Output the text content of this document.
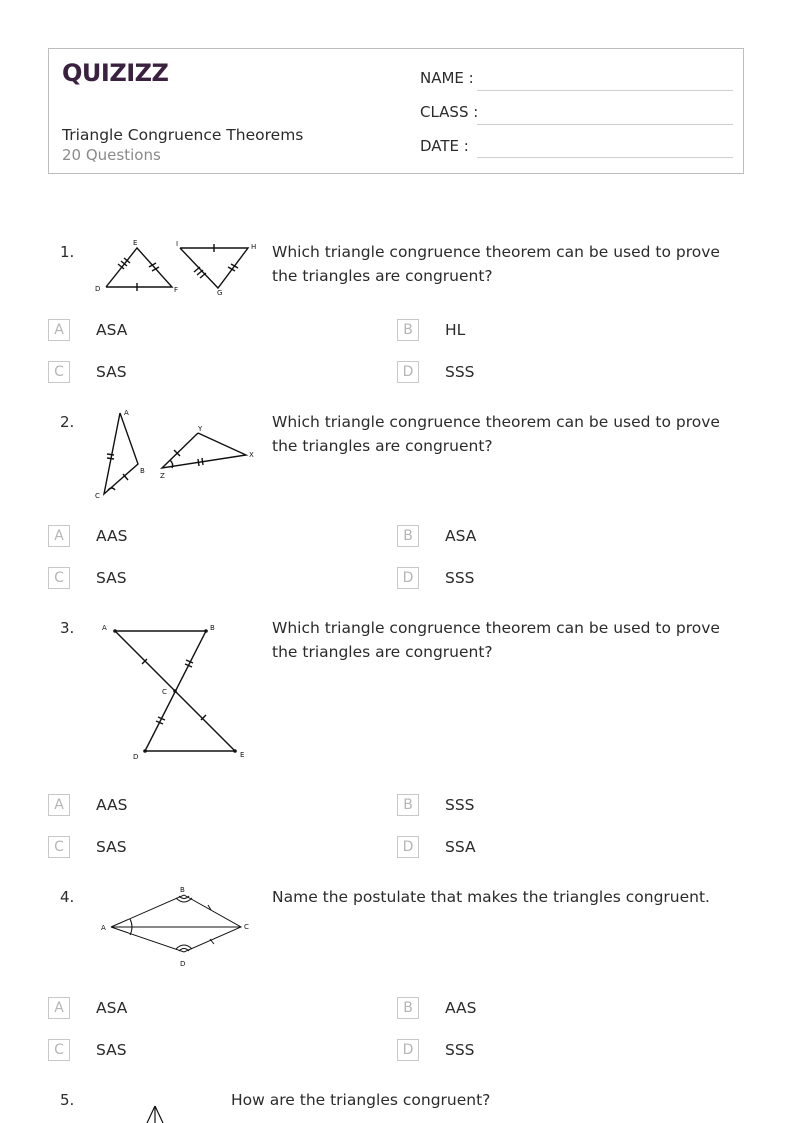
QUIZIZZ
Triangle Congruence Theorems
20 Questions
NAME :
CLASS :
DATE :
1.	E
D	F
I	H
G
Which triangle congruence theorem can be used to prove the triangles are congruent?
A	ASA	B	HL
C	SAS	D	SSS
2.	A
B
C
Y
X
Z
Which triangle congruence theorem can be used to prove the triangles are congruent?
A	AAS	B	ASA
C	SAS	D	SSS
3.	A	B
C
D	E
Which triangle congruence theorem can be used to prove the triangles are congruent?
A	AAS	B	SSS
C	SAS	D	SSA
4.
A
B
C
D
Name the postulate that makes the triangles congruent.
A	ASA	B	AAS
C	SAS	D	SSS
5.	How are the triangles congruent?
